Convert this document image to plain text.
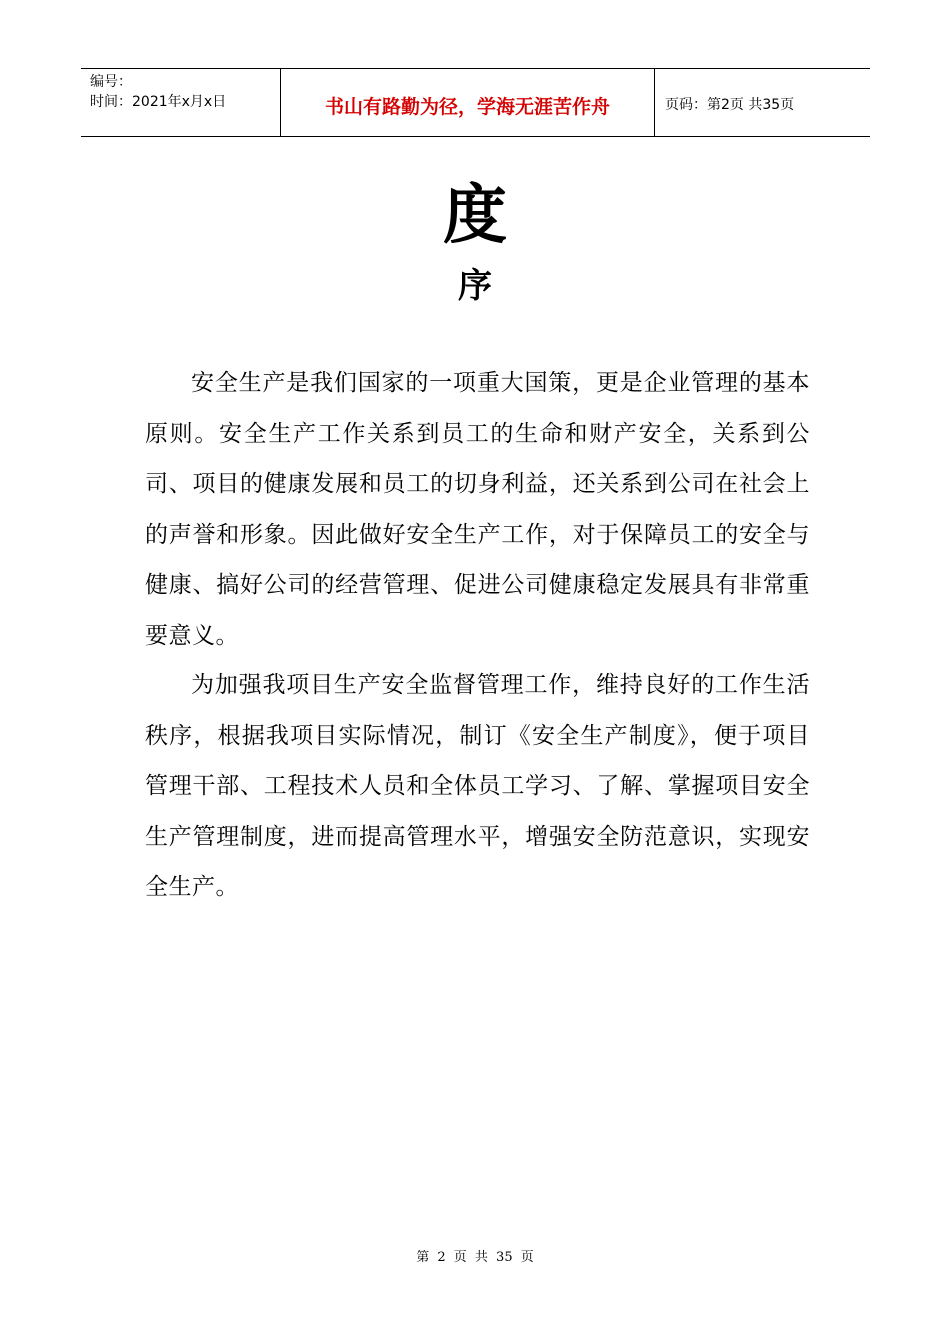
编号：
时间：2021年x月x日	书山有路勤为径，学海无涯苦作舟	页码：第2页 共35页
度
序

安全生产是我们国家的一项重大国策，更是企业管理的基本原则。安全生产工作关系到员工的生命和财产安全，关系到公司、项目的健康发展和员工的切身利益，还关系到公司在社会上的声誉和形象。因此做好安全生产工作，对于保障员工的安全与健康、搞好公司的经营管理、促进公司健康稳定发展具有非常重要意义。

为加强我项目生产安全监督管理工作，维持良好的工作生活秩序，根据我项目实际情况，制订《安全生产制度》，便于项目管理干部、工程技术人员和全体员工学习、了解、掌握项目安全生产管理制度，进而提高管理水平，增强安全防范意识，实现安全生产。

第 2 页 共 35 页
